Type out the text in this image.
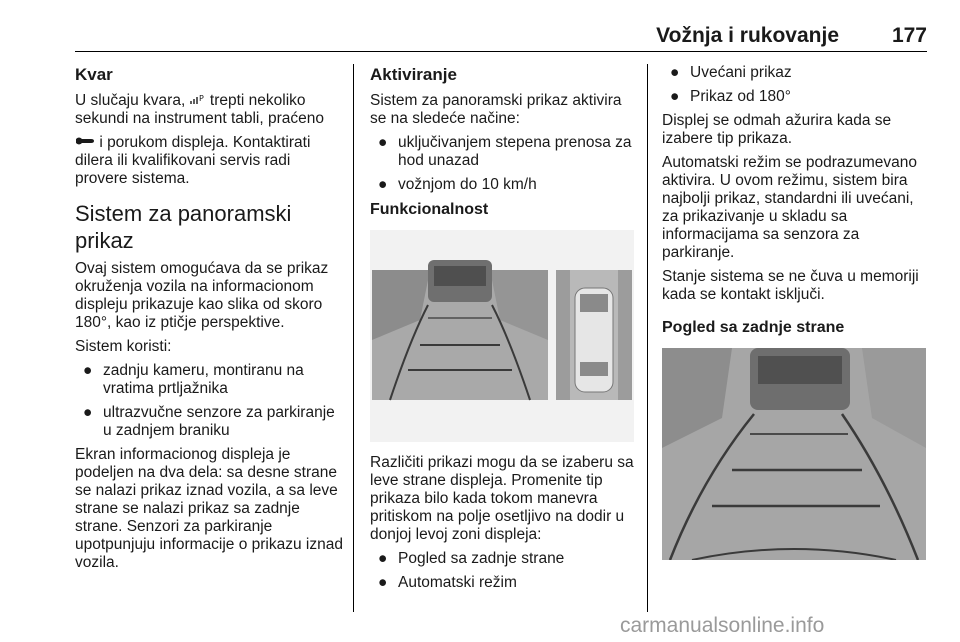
Vožnja i rukovanje	177
Kvar

U slučaju kvara, P trepti nekoliko sekundi na instrument tabli, praćeno

i porukom displeja. Kontaktirati dilera ili kvalifikovani servis radi provere sistema.

Sistem za panoramski prikaz

Ovaj sistem omogućava da se prikaz okruženja vozila na informacionom displeju prikazuje kao slika od skoro 180°, kao iz ptičje perspektive.

Sistem koristi:

● zadnju kameru, montiranu na vratima prtljažnika
● ultrazvučne senzore za parkiranje u zadnjem braniku

Ekran informacionog displeja je podeljen na dva dela: sa desne strane se nalazi prikaz iznad vozila, a sa leve strane se nalazi prikaz sa zadnje strane. Senzori za parkiranje upotpunjuju informacije o prikazu iznad vozila.

Aktiviranje

Sistem za panoramski prikaz aktivira se na sledeće načine:

● uključivanjem stepena prenosa za hod unazad
● vožnjom do 10 km/h
Funkcionalnost

Različiti prikazi mogu da se izaberu sa leve strane displeja. Promenite tip prikaza bilo kada tokom manevra pritiskom na polje osetljivo na dodir u donjoj levoj zoni displeja:

● Pogled sa zadnje strane
● Automatski režim
● Uvećani prikaz
● Prikaz od 180°

Displej se odmah ažurira kada se izabere tip prikaza.

Automatski režim se podrazumevano aktivira. U ovom režimu, sistem bira najbolji prikaz, standardni ili uvećani, za prikazivanje u skladu sa informacijama sa senzora za parkiranje.

Stanje sistema se ne čuva u memoriji kada se kontakt isključi.

Pogled sa zadnje strane
carmanualsonline.info
